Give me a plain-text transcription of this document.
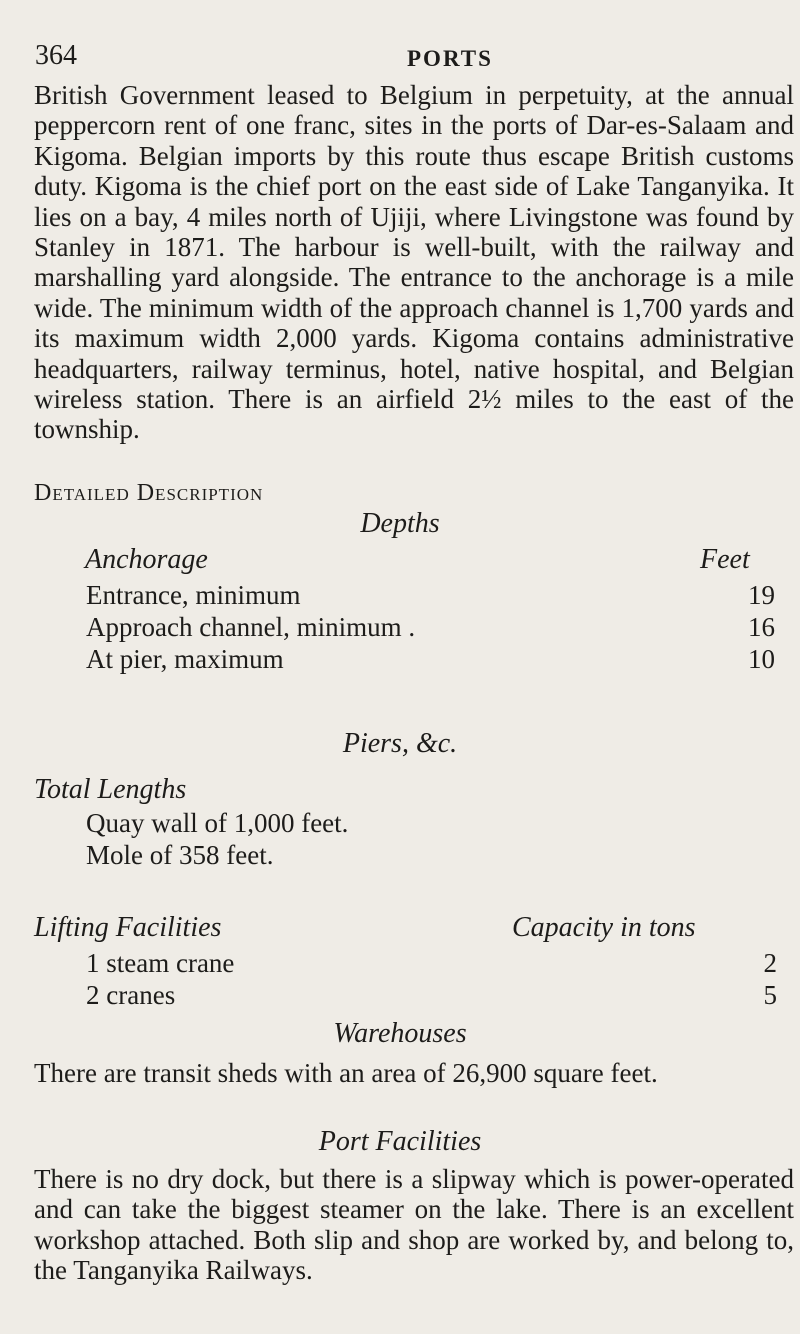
364	PORTS

British Government leased to Belgium in perpetuity, at the annual peppercorn rent of one franc, sites in the ports of Dar-es-Salaam and Kigoma. Belgian imports by this route thus escape British customs duty. Kigoma is the chief port on the east side of Lake Tanganyika. It lies on a bay, 4 miles north of Ujiji, where Livingstone was found by Stanley in 1871. The harbour is well-built, with the railway and marshalling yard alongside. The entrance to the anchorage is a mile wide. The minimum width of the approach channel is 1,700 yards and its maximum width 2,000 yards. Kigoma contains administrative headquarters, railway terminus, hotel, native hospital, and Belgian wireless station. There is an airfield 2½ miles to the east of the township.

Detailed Description
Depths
Anchorage	Feet
Entrance, minimum	19
Approach channel, minimum .	16
At pier, maximum	10
Piers, &c.
Total Lengths
Quay wall of 1,000 feet.
Mole of 358 feet.
Lifting Facilities	Capacity in tons
1 steam crane	2
2 cranes	5
Warehouses

There are transit sheds with an area of 26,900 square feet.

Port Facilities

There is no dry dock, but there is a slipway which is power-operated and can take the biggest steamer on the lake. There is an excellent workshop attached. Both slip and shop are worked by, and belong to, the Tanganyika Railways.
